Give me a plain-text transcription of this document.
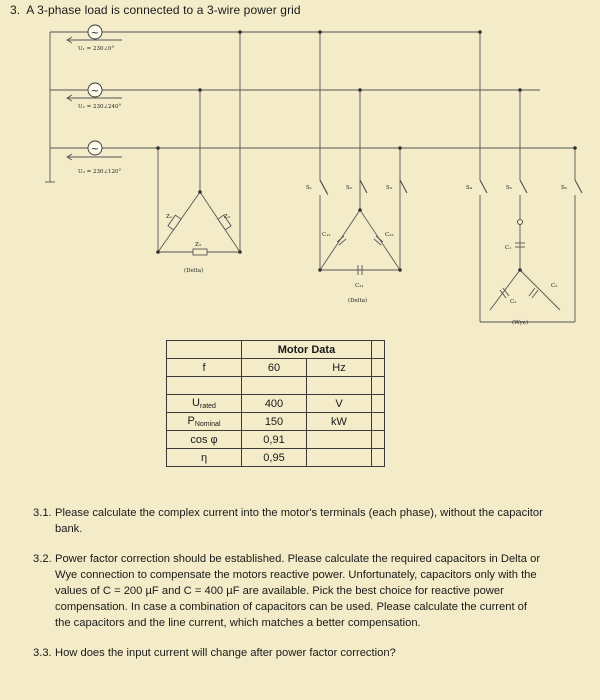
3. A 3-phase load is connected to a 3-wire power grid
~
~
~
U₁ = 230∠0°
U₂ = 230∠240°
U₃ = 230∠120°
Z₁	Z₂
Z₃
(Delta)
S₁	S₂	S₃	S₄	S₅	S₆
C₁₂	C₂₃
C₃₁
(Delta)
C₁
C₂
C₃
(Wye)
	Motor Data		
f	60	Hz	

$U_{rated}$	400	V	
$P_{Nominal}$	150	kW	
cos φ	0,91		
η	0,95		
3.1. Please calculate the complex current into the motor's terminals (each phase), without the capacitor bank.
3.2. Power factor correction should be established. Please calculate the required capacitors in Delta or Wye connection to compensate the motors reactive power. Unfortunately, capacitors only with the values of C = 200 µF and C = 400 µF are available. Pick the best choice for reactive power compensation. In case a combination of capacitors can be used. Please calculate the current of the capacitors and the line current, which matches a better compensation.
3.3. How does the input current will change after power factor correction?
